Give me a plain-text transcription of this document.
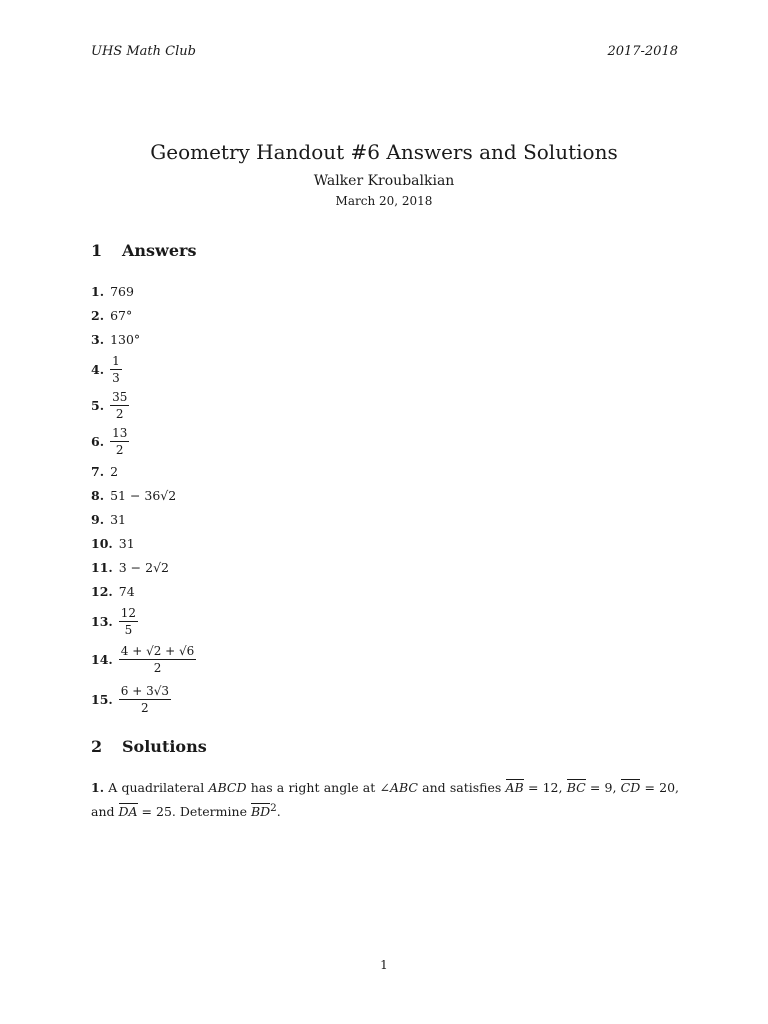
UHS Math Club	2017-2018
Geometry Handout #6 Answers and Solutions
Walker Kroubalkian
March 20, 2018
1 Answers
1. 769
2. 67°
3. 130°
4. $\frac{1}{3}$
5. $\frac{35}{2}$
6. $\frac{13}{2}$
7. 2
8. 51 − 36√2
9. 31
10. 31
11. 3 − 2√2
12. 74
13. $\frac{12}{5}$
14. $\frac{4 + √2 + √6}{2}$
15. $\frac{6 + 3√3}{2}$
2 Solutions
1. A quadrilateral ABCD has a right angle at ∠ABC and satisfies AB = 12, BC = 9, CD = 20, and DA = 25. Determine $BD^2$.
1
